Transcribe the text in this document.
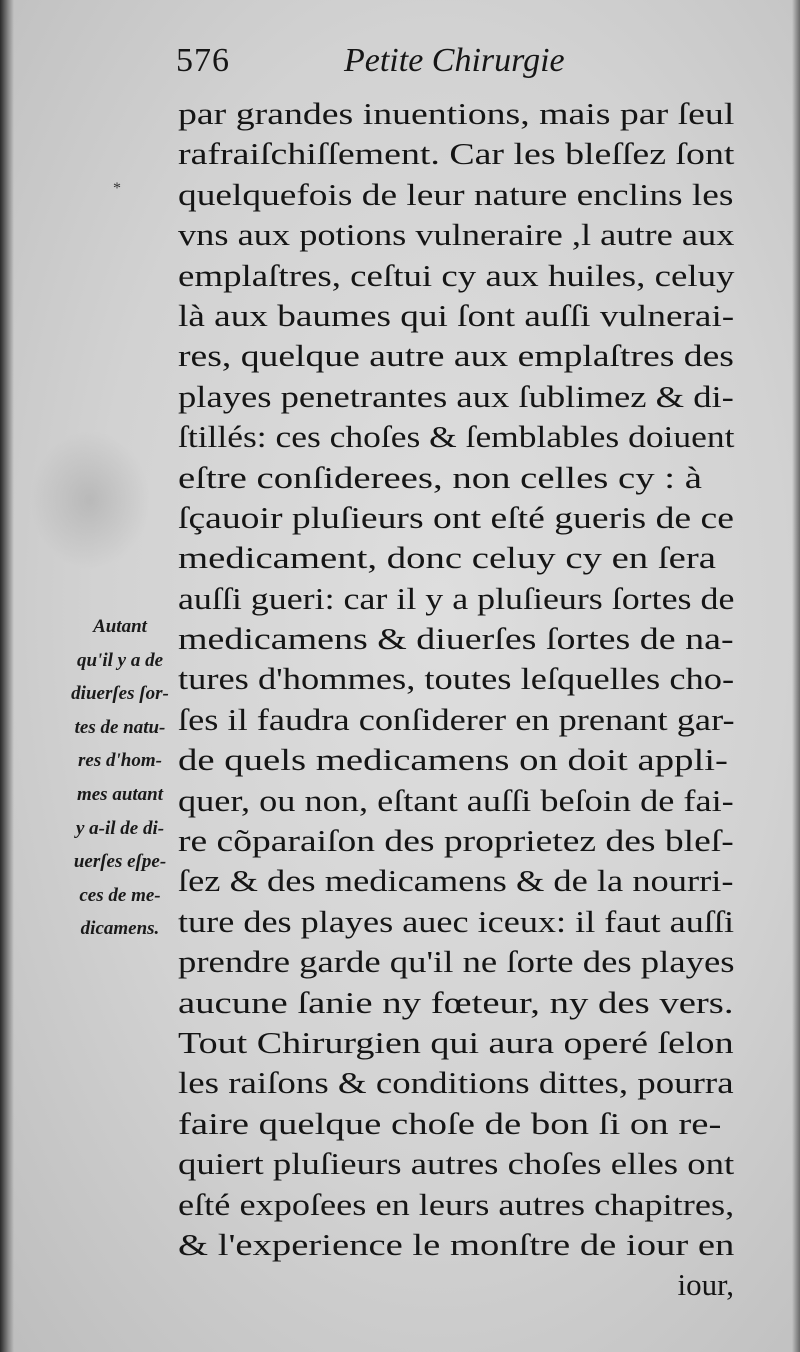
576	Petite Chirurgie
*
par grandes inuentions, mais par ſeul
rafraiſchiſſement. Car les bleſſez ſont
quelquefois de leur nature enclins les
vns aux potions vulneraire ,l autre aux
emplaſtres, ceſtui cy aux huiles, celuy
là aux baumes qui ſont auſſi vulnerai-
res, quelque autre aux emplaſtres des
playes penetrantes aux ſublimez & di-
ſtillés: ces choſes & ſemblables doiuent
eſtre conſiderees, non celles cy : à
ſçauoir pluſieurs ont eſté gueris de ce
medicament, donc celuy cy en ſera
auſſi gueri: car il y a pluſieurs ſortes de
medicamens & diuerſes ſortes de na-
tures d'hommes, toutes leſquelles cho-
ſes il faudra conſiderer en prenant gar-
de quels medicamens on doit appli-
quer, ou non, eſtant auſſi beſoin de fai-
re cõparaiſon des proprietez des bleſ-
ſez & des medicamens & de la nourri-
ture des playes auec iceux: il faut auſſi
prendre garde qu'il ne ſorte des playes
aucune ſanie ny fœteur, ny des vers.
Tout Chirurgien qui aura operé ſelon
les raiſons & conditions dittes, pourra
faire quelque choſe de bon ſi on re-
quiert pluſieurs autres choſes elles ont
eſté expoſees en leurs autres chapitres,
& l'experience le monſtre de iour en
iour,
Autant
qu'il y a de
diuerſes ſor-
tes de natu-
res d'hom-
mes autant
y a-il de di-
uerſes eſpe-
ces de me-
dicamens.
